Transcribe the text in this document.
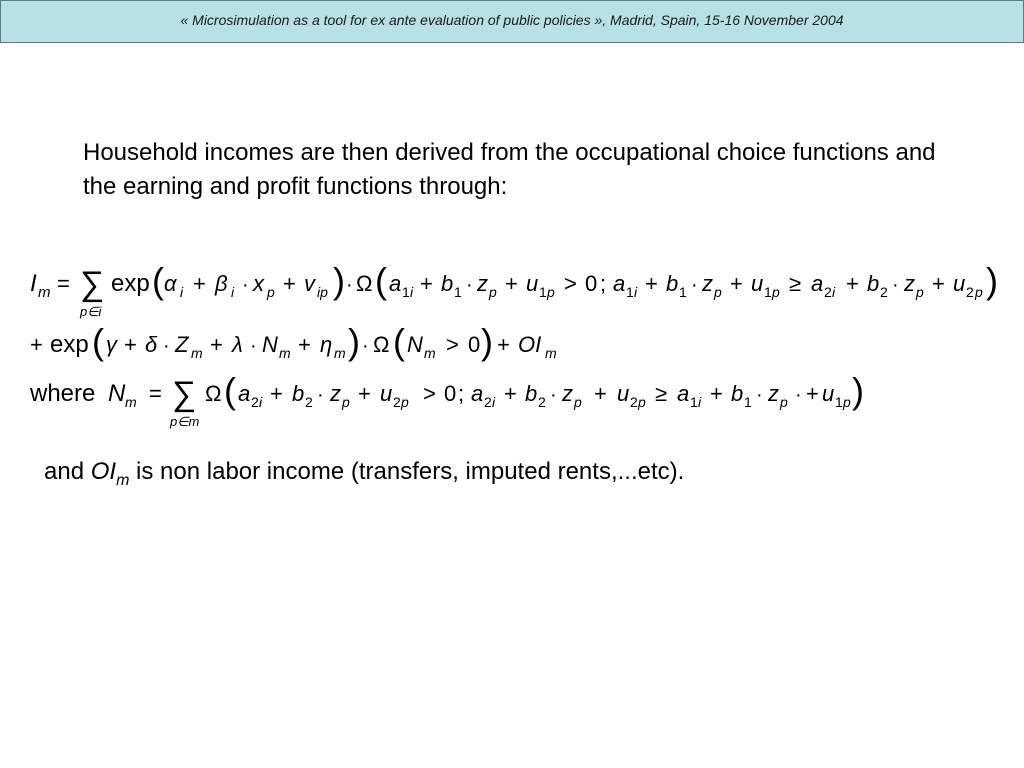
« Microsimulation as a tool for ex ante evaluation of public policies », Madrid, Spain, 15-16 November 2004
Household incomes are then derived from the occupational choice functions and the earning and profit functions through:
I m = ∑
p∈i
exp ( α i + β i · x p + v ip ) · Ω ( a 1 i + b 1 · z p + u 1 p > 0 ; a 1 i + b 1 · z p + u 1 p ≥ a 2 i + b 2 · z p + u 2 p )
+ exp ( γ + δ · Z m + λ · N m + η m ) · Ω ( N m > 0 ) + OI m
where N m = ∑
p∈m
Ω ( a 2 i + b 2 · z p + u 2 p > 0 ; a 2 i + b 2 · z p + u 2 p ≥ a 1 i + b 1 · z p · + u 1 p )
and $OI_m$ is non labor income (transfers, imputed rents,...etc).
